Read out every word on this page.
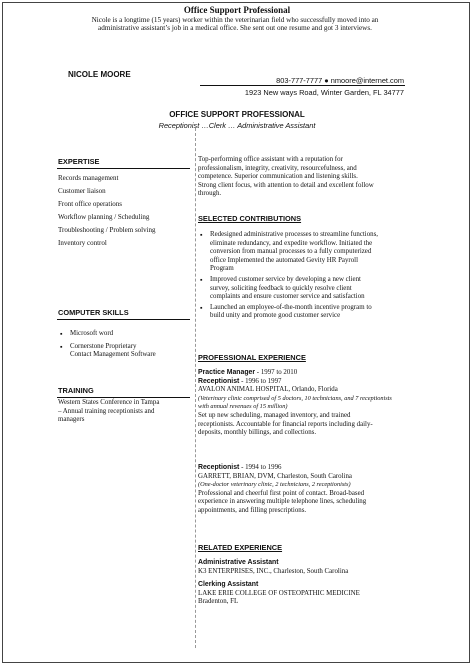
Office Support Professional
Nicole is a longtime (15 years) worker within the veterinarian field who successfully moved into an
administrative assistant’s job in a medical office. She sent out one resume and got 3 interviews.
NICOLE MOORE
803-777-7777 ● nmoore@internet.com
1923 New ways Road, Winter Garden, FL 34777
OFFICE SUPPORT PROFESSIONAL
Receptionist …Clerk … Administrative Assistant
EXPERTISE
Records management
Customer liaison
Front office operations
Workflow planning / Scheduling
Troubleshooting / Problem solving
Inventory control
COMPUTER SKILLS
▪ Microsoft word
▪ Cornerstone Proprietary
Contact Management Software
TRAINING
Western States Conference in Tampa
– Annual training receptionists and
managers
Top-performing office assistant with a reputation for
professionalism, integrity, creativity, resourcefulness, and
competence. Superior communication and listening skills.
Strong client focus, with attention to detail and excellent follow
through.
SELECTED CONTRIBUTIONS
▪ Redesigned administrative processes to streamline functions,
eliminate redundancy, and expedite workflow. Initiated the
conversion from manual processes to a fully computerized
office Implemented the automated Gevity HR Payroll
Program
▪ Improved customer service by developing a new client
survey, soliciting feedback to quickly resolve client
complaints and ensure customer service and satisfaction
▪ Launched an employee-of-the-month incentive program to
build unity and promote good customer service
PROFESSIONAL EXPERIENCE
Practice Manager - 1997 to 2010
Receptionist - 1996 to 1997
AVALON ANIMAL HOSPITAL, Orlando, Florida
(Veterinary clinic comprised of 5 doctors, 10 technicians, and 7 receptionists
with annual revenues of 15 million)
Set up new scheduling, managed inventory, and trained
receptionists. Accountable for financial reports including daily-
deposits, monthly billings, and collections.
Receptionist - 1994 to 1996
GARRETT, BRIAN, DVM, Charleston, South Carolina
(One-doctor veterinary clinic, 2 technicians, 2 receptionists)
Professional and cheerful first point of contact. Broad-based
experience in answering multiple telephone lines, scheduling
appointments, and filling prescriptions.
RELATED EXPERIENCE
Administrative Assistant
K3 ENTERPRISES, INC., Charleston, South Carolina
Clerking Assistant
LAKE ERIE COLLEGE OF OSTEOPATHIC MEDICINE
Bradenton, FL
